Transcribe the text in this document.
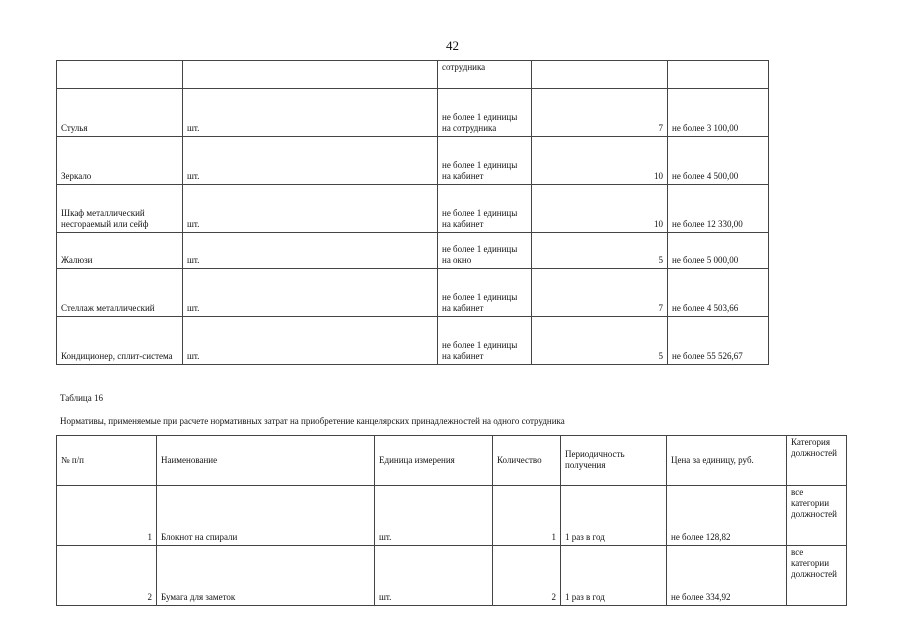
42
		сотрудника		
Стулья	шт.	не более 1 единицы на сотрудника	7	не более 3 100,00
Зеркало	шт.	не более 1 единицы на кабинет	10	не более 4 500,00
Шкаф металлический несгораемый или сейф	шт.	не более 1 единицы на кабинет	10	не более 12 330,00
Жалюзи	шт.	не более 1 единицы на окно	5	не более 5 000,00
Стеллаж металлический	шт.	не более 1 единицы на кабинет	7	не более 4 503,66
Кондиционер, сплит-система	шт.	не более 1 единицы на кабинет	5	не более 55 526,67
Таблица 16
Нормативы, применяемые при расчете нормативных затрат на приобретение канцелярских принадлежностей на одного сотрудника
№ п/п	Наименование	Единица измерения	Количество	Периодичность получения	Цена за единицу, руб.	Категория должностей
1	Блокнот на спирали	шт.	1	1 раз в год	не более 128,82	все категории должностей
2	Бумага для заметок	шт.	2	1 раз в год	не более 334,92	все категории должностей
